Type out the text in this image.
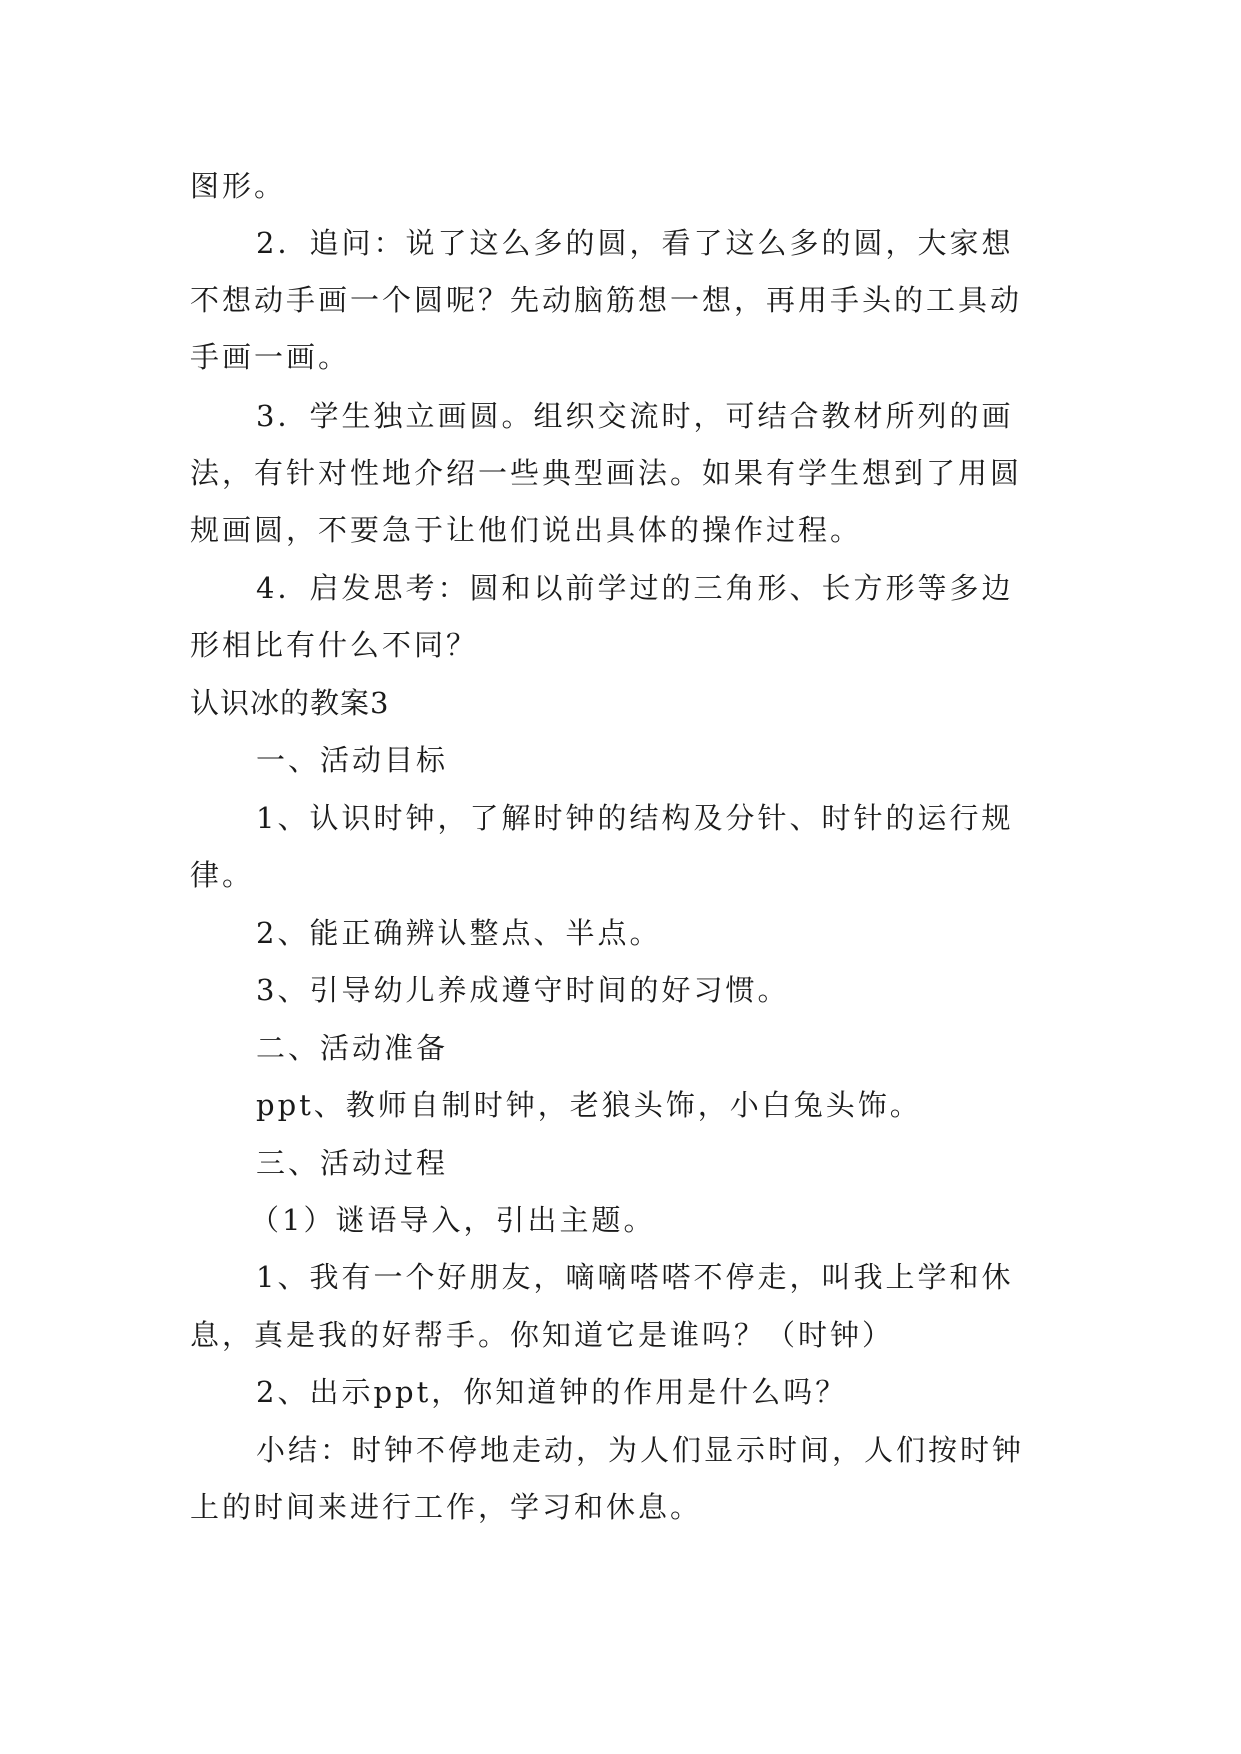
图形。
2．追问：说了这么多的圆，看了这么多的圆，大家想
不想动手画一个圆呢？先动脑筋想一想，再用手头的工具动
手画一画。
3．学生独立画圆。组织交流时，可结合教材所列的画
法，有针对性地介绍一些典型画法。如果有学生想到了用圆
规画圆，不要急于让他们说出具体的操作过程。
4．启发思考：圆和以前学过的三角形、长方形等多边
形相比有什么不同？
认识冰的教案3
一、活动目标
1、认识时钟，了解时钟的结构及分针、时针的运行规
律。
2、能正确辨认整点、半点。
3、引导幼儿养成遵守时间的好习惯。
二、活动准备
ppt、教师自制时钟，老狼头饰，小白兔头饰。
三、活动过程
（1）谜语导入，引出主题。
1、我有一个好朋友，嘀嘀嗒嗒不停走，叫我上学和休
息，真是我的好帮手。你知道它是谁吗？（时钟）
2、出示ppt，你知道钟的作用是什么吗？
小结：时钟不停地走动，为人们显示时间，人们按时钟
上的时间来进行工作，学习和休息。
